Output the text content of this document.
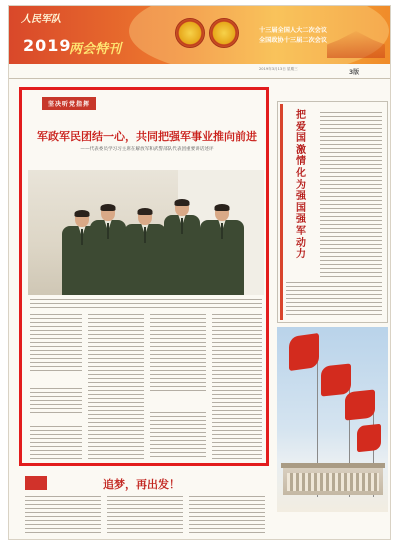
人民军队
2019
两会特刊
十三届全国人大二次会议
全国政协十三届二次会议
2019年3月13日 星期三	3版
坚决听党指挥
军政军民团结一心，共同把强军事业推向前进
——代表委员学习习主席在解放军和武警部队代表团重要讲话述评
把爱国激情化为强国强军动力
追梦，再出发！
